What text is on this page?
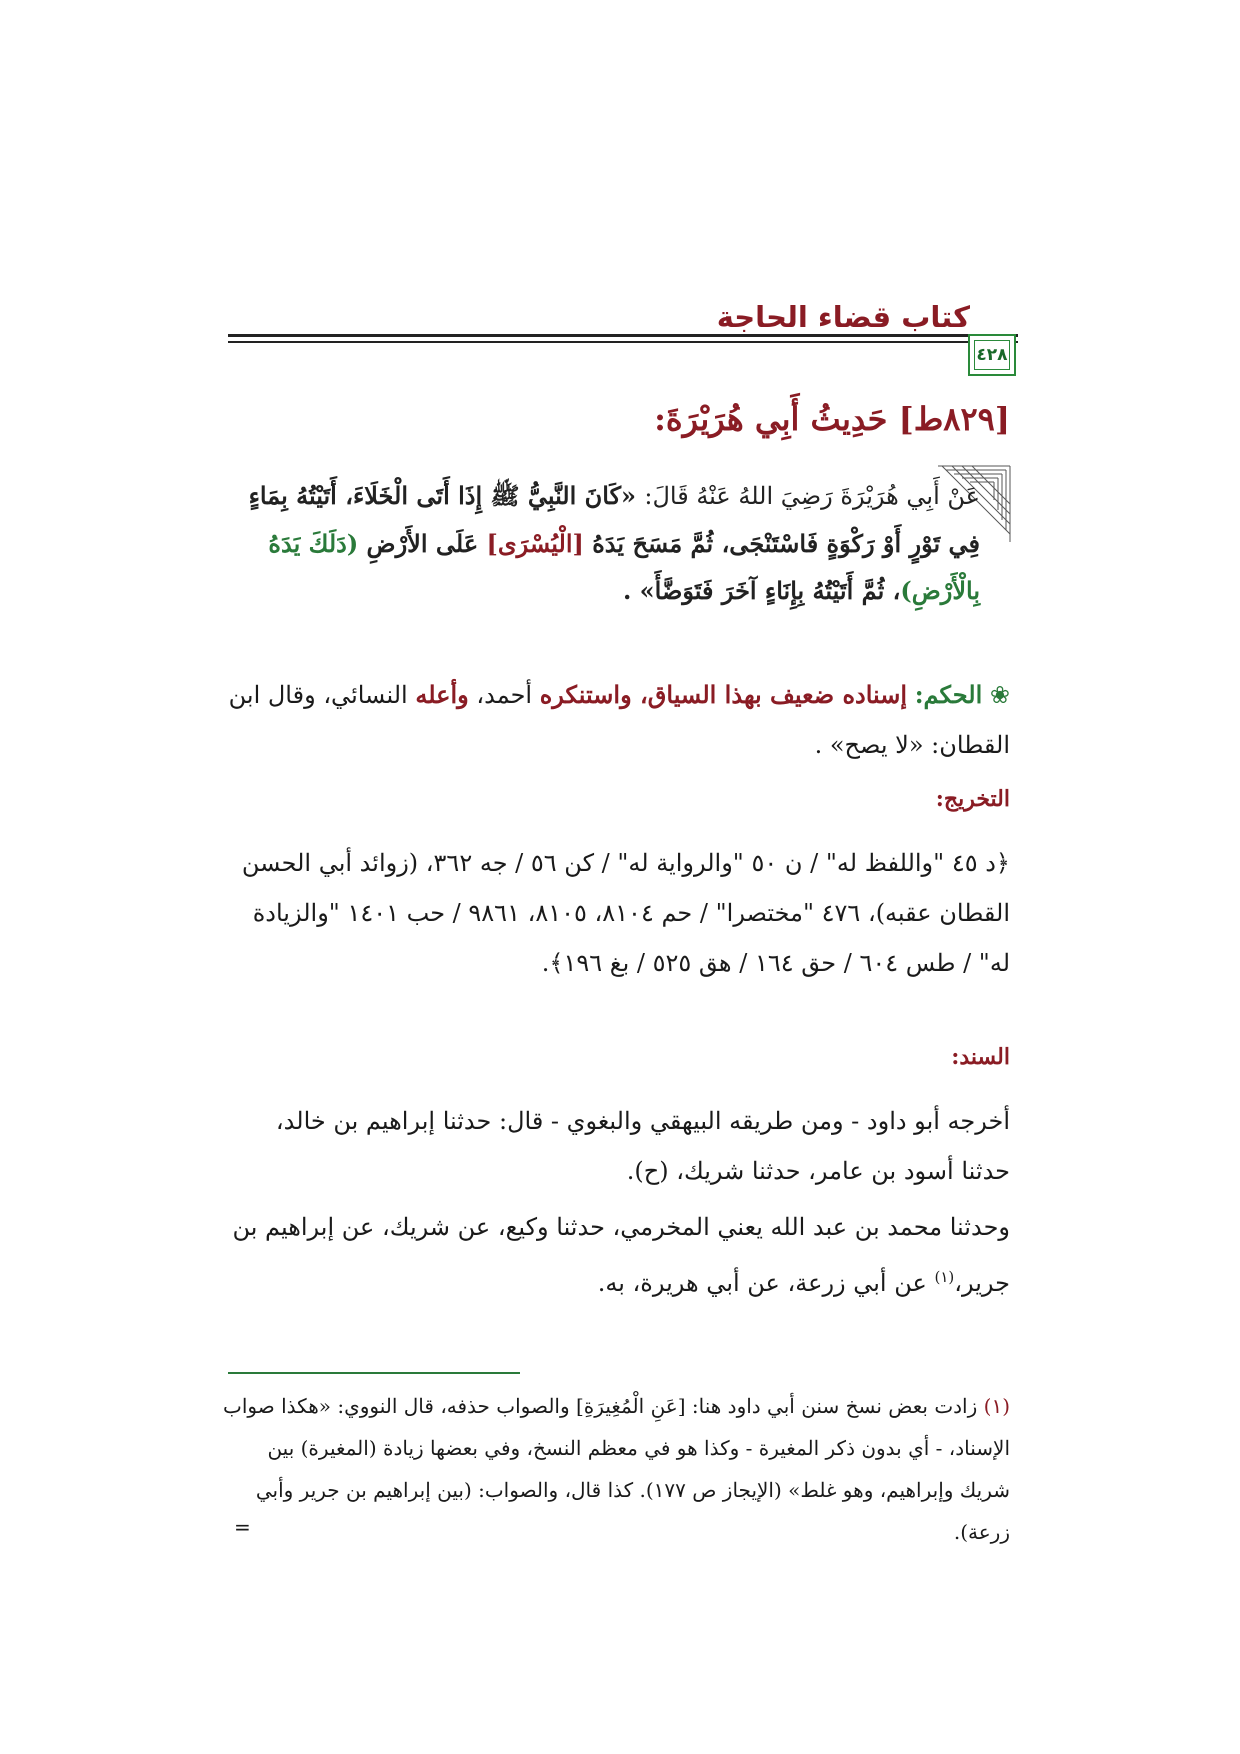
كتاب قضاء الحاجة
٤٢٨
[٨٢٩ط] حَدِيثُ أَبِي هُرَيْرَةَ:
عَنْ أَبِي هُرَيْرَةَ رَضِيَ اللهُ عَنْهُ قَالَ: «كَانَ النَّبِيُّ ﷺ إِذَا أَتَى الْخَلَاءَ، أَتَيْتُهُ بِمَاءٍ فِي تَوْرٍ أَوْ رَكْوَةٍ فَاسْتَنْجَى، ثُمَّ مَسَحَ يَدَهُ [الْيُسْرَى] عَلَى الأَرْضِ (دَلَكَ يَدَهُ بِالْأَرْضِ)، ثُمَّ أَتَيْتُهُ بِإِنَاءٍ آخَرَ فَتَوَضَّأَ» .
❀ الحكم: إسناده ضعيف بهذا السياق، واستنكره أحمد، وأعله النسائي، وقال ابن القطان: «لا يصح» .
التخريج:
﴿د ٤٥ "واللفظ له" / ن ٥٠ "والرواية له" / كن ٥٦ / جه ٣٦٢، (زوائد أبي الحسن القطان عقبه)، ٤٧٦ "مختصرا" / حم ٨١٠٤، ٨١٠٥، ٩٨٦١ / حب ١٤٠١ "والزيادة له" / طس ٦٠٤ / حق ١٦٤ / هق ٥٢٥ / بغ ١٩٦﴾.
السند:
أخرجه أبو داود - ومن طريقه البيهقي والبغوي - قال: حدثنا إبراهيم بن خالد، حدثنا أسود بن عامر، حدثنا شريك، (ح).
وحدثنا محمد بن عبد الله يعني المخرمي، حدثنا وكيع، عن شريك، عن إبراهيم بن جرير،$^{(١)}$ عن أبي زرعة، عن أبي هريرة، به.
(١) زادت بعض نسخ سنن أبي داود هنا: [عَنِ الْمُغِيرَةِ] والصواب حذفه، قال النووي: «هكذا صواب الإسناد، - أي بدون ذكر المغيرة - وكذا هو في معظم النسخ، وفي بعضها زيادة (المغيرة) بين شريك وإبراهيم، وهو غلط» (الإيجاز ص ١٧٧). كذا قال، والصواب: (بين إبراهيم بن جرير وأبي زرعة).
=
